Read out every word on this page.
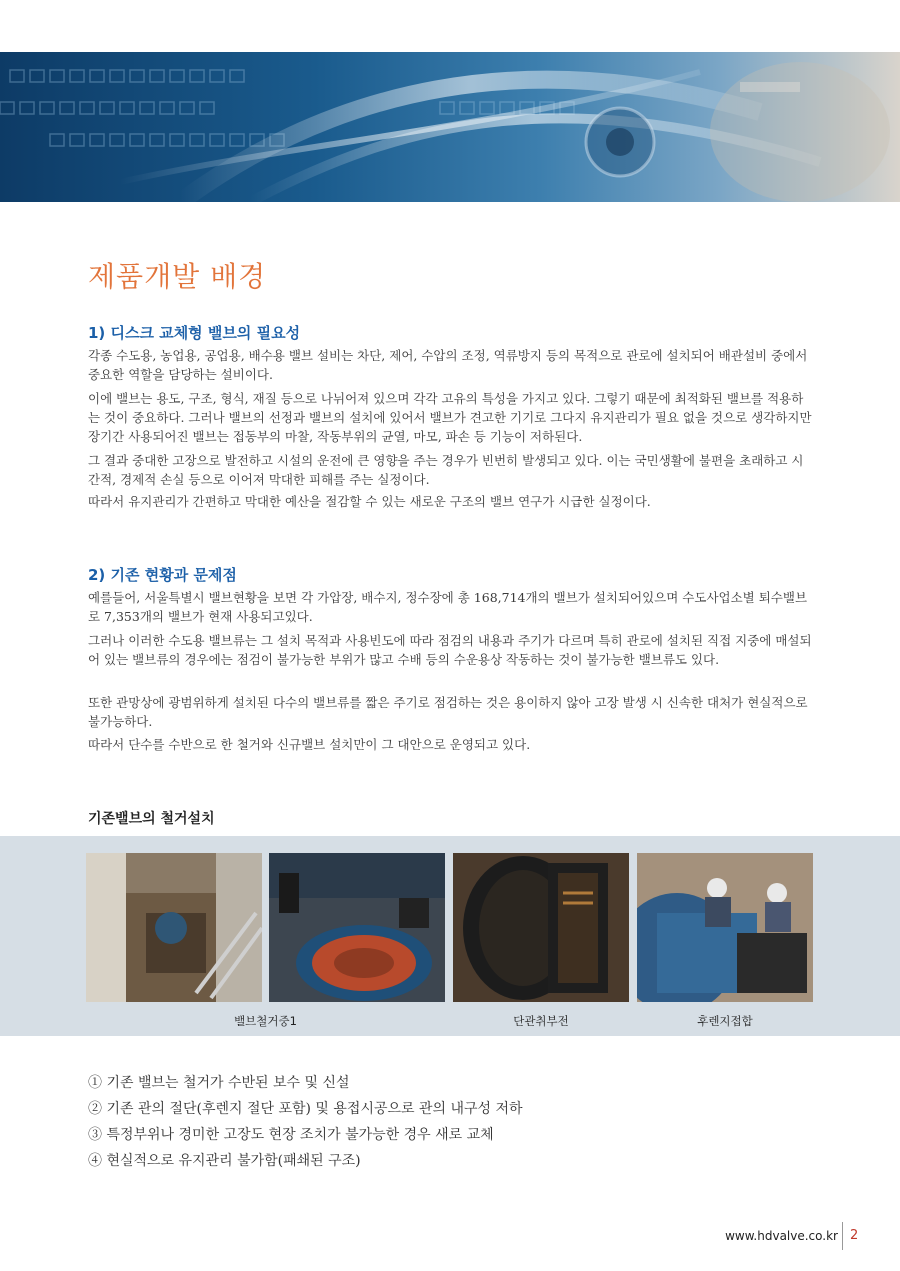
제품개발 배경
1) 디스크 교체형 밸브의 필요성

각종 수도용, 농업용, 공업용, 배수용 밸브 설비는 차단, 제어, 수압의 조정, 역류방지 등의 목적으로 관로에 설치되어 배관설비 중에서 중요한 역할을 담당하는 설비이다.

이에 밸브는 용도, 구조, 형식, 재질 등으로 나뉘어져 있으며 각각 고유의 특성을 가지고 있다. 그렇기 때문에 최적화된 밸브를 적용하는 것이 중요하다. 그러나 밸브의 선정과 밸브의 설치에 있어서 밸브가 견고한 기기로 그다지 유지관리가 필요 없을 것으로 생각하지만 장기간 사용되어진 밸브는 접동부의 마찰, 작동부위의 균열, 마모, 파손 등 기능이 저하된다.

그 결과 중대한 고장으로 발전하고 시설의 운전에 큰 영향을 주는 경우가 빈번히 발생되고 있다. 이는 국민생활에 불편을 초래하고 시간적, 경제적 손실 등으로 이어져 막대한 피해를 주는 실정이다.

따라서 유지관리가 간편하고 막대한 예산을 절감할 수 있는 새로운 구조의 밸브 연구가 시급한 실정이다.

2) 기존 현황과 문제점

예를들어, 서울특별시 밸브현황을 보면 각 가압장, 배수지, 정수장에 총 168,714개의 밸브가 설치되어있으며 수도사업소별 퇴수밸브로 7,353개의 밸브가 현재 사용되고있다.

그러나 이러한 수도용 밸브류는 그 설치 목적과 사용빈도에 따라 점검의 내용과 주기가 다르며 특히 관로에 설치된 직접 지중에 매설되어 있는 밸브류의 경우에는 점검이 불가능한 부위가 많고 수배 등의 수운용상 작동하는 것이 불가능한 밸브류도 있다.

또한 관망상에 광범위하게 설치된 다수의 밸브류를 짧은 주기로 점검하는 것은 용이하지 않아 고장 발생 시 신속한 대처가 현실적으로 불가능하다.

따라서 단수를 수반으로 한 철거와 신규밸브 설치만이 그 대안으로 운영되고 있다.

기존밸브의 철거설치
밸브철거중1	단관취부전	후렌지접합
① 기존 밸브는 철거가 수반된 보수 및 신설
② 기존 관의 절단(후렌지 절단 포함) 및 용접시공으로 관의 내구성 저하
③ 특정부위나 경미한 고장도 현장 조치가 불가능한 경우 새로 교체
④ 현실적으로 유지관리 불가함(패쇄된 구조)
www.hdvalve.co.kr 2
